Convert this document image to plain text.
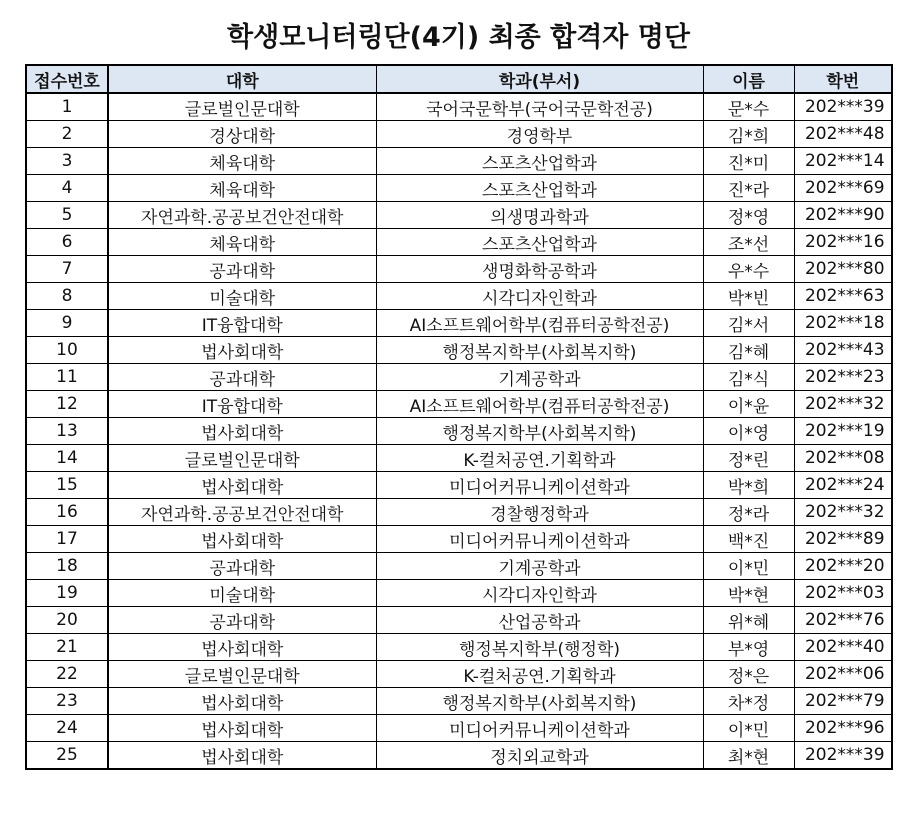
학생모니터링단(4기) 최종 합격자 명단
접수번호	대학	학과(부서)	이름	학번
1	글로벌인문대학	국어국문학부(국어국문학전공)	문*수	202***39
2	경상대학	경영학부	김*희	202***48
3	체육대학	스포츠산업학과	진*미	202***14
4	체육대학	스포츠산업학과	진*라	202***69
5	자연과학.공공보건안전대학	의생명과학과	정*영	202***90
6	체육대학	스포츠산업학과	조*선	202***16
7	공과대학	생명화학공학과	우*수	202***80
8	미술대학	시각디자인학과	박*빈	202***63
9	IT융합대학	AI소프트웨어학부(컴퓨터공학전공)	김*서	202***18
10	법사회대학	행정복지학부(사회복지학)	김*혜	202***43
11	공과대학	기계공학과	김*식	202***23
12	IT융합대학	AI소프트웨어학부(컴퓨터공학전공)	이*윤	202***32
13	법사회대학	행정복지학부(사회복지학)	이*영	202***19
14	글로벌인문대학	K-컬처공연.기획학과	정*린	202***08
15	법사회대학	미디어커뮤니케이션학과	박*희	202***24
16	자연과학.공공보건안전대학	경찰행정학과	정*라	202***32
17	법사회대학	미디어커뮤니케이션학과	백*진	202***89
18	공과대학	기계공학과	이*민	202***20
19	미술대학	시각디자인학과	박*현	202***03
20	공과대학	산업공학과	위*혜	202***76
21	법사회대학	행정복지학부(행정학)	부*영	202***40
22	글로벌인문대학	K-컬처공연.기획학과	정*은	202***06
23	법사회대학	행정복지학부(사회복지학)	차*정	202***79
24	법사회대학	미디어커뮤니케이션학과	이*민	202***96
25	법사회대학	정치외교학과	최*현	202***39
